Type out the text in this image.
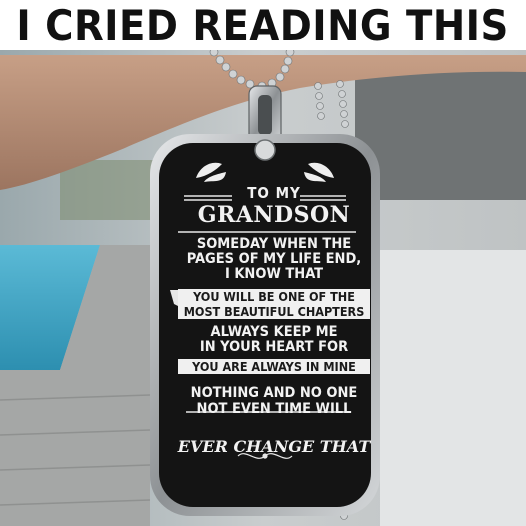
I CRIED READING THIS
TO MY
GRANDSON
SOMEDAY WHEN THE
PAGES OF MY LIFE END,
I KNOW THAT
YOU WILL BE ONE OF THE
MOST BEAUTIFUL CHAPTERS
ALWAYS KEEP ME
IN YOUR HEART FOR
YOU ARE ALWAYS IN MINE
NOTHING AND NO ONE
NOT EVEN TIME WILL
EVER CHANGE THAT
